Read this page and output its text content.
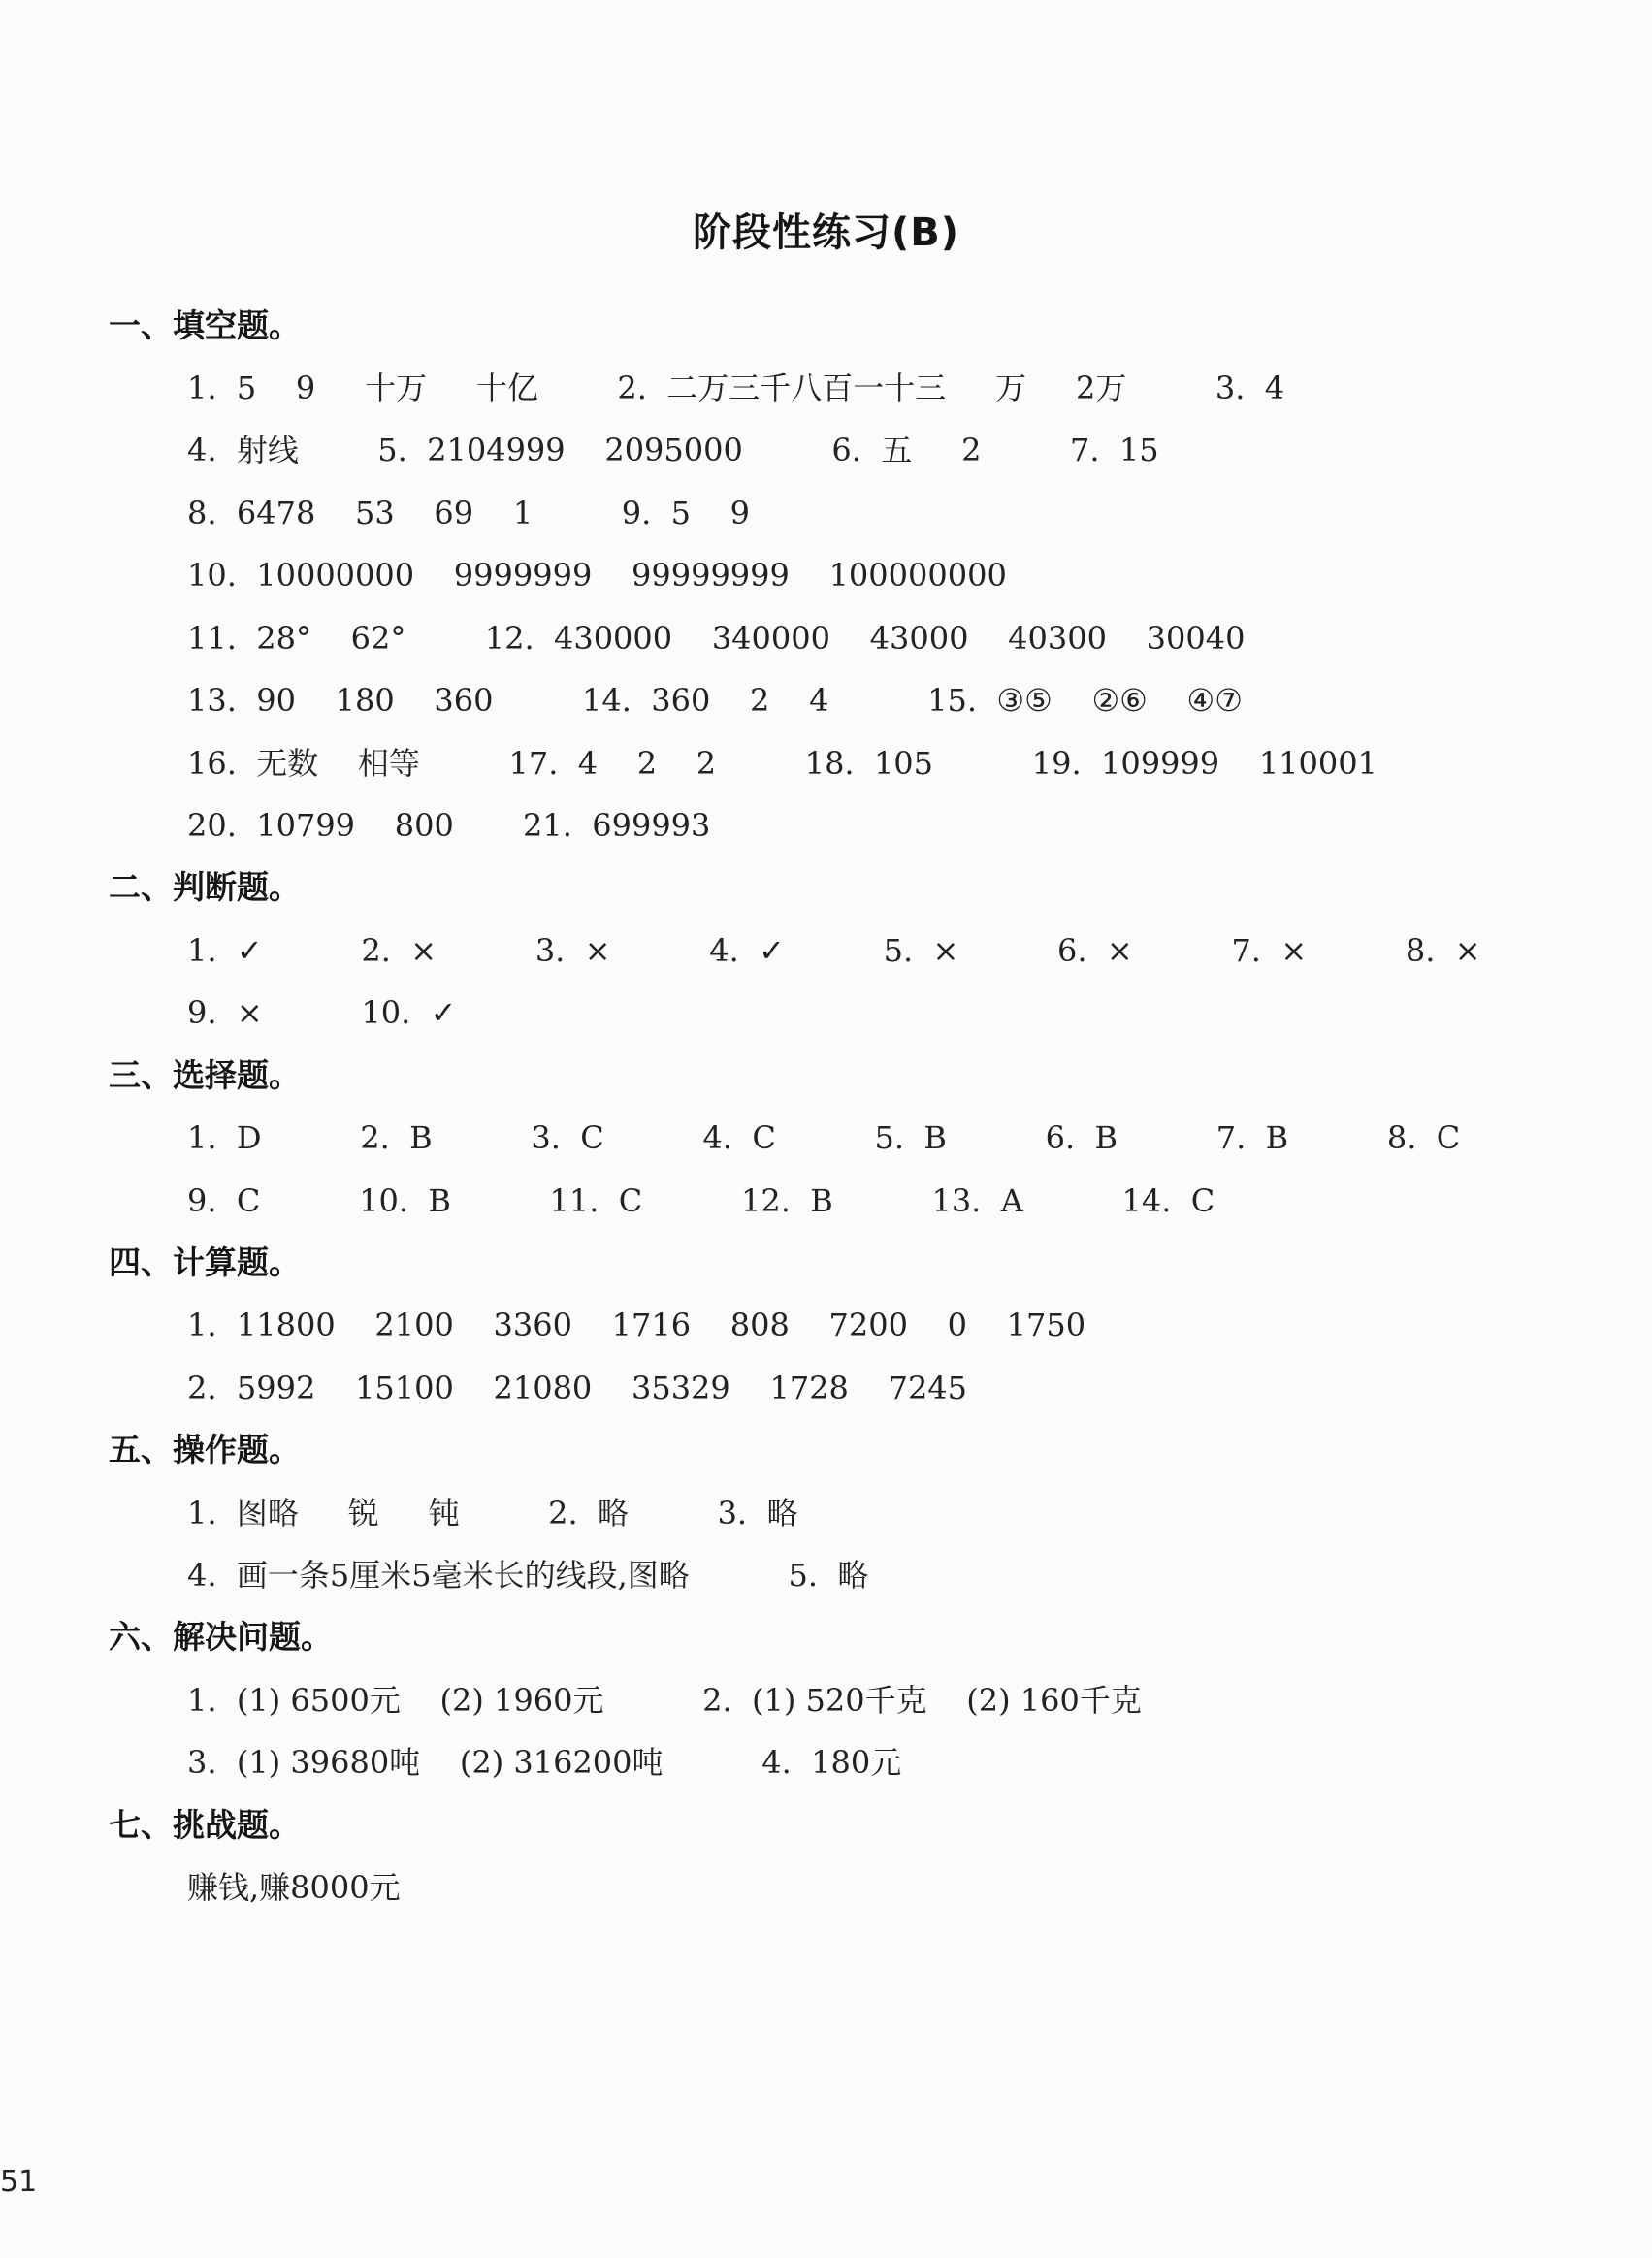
阶段性练习(B)
一、填空题。
1.  5    9     十万     十亿        2.  二万三千八百一十三     万     2万         3.  4
4.  射线        5.  2104999    2095000         6.  五     2         7.  15
8.  6478    53    69    1         9.  5    9
10.  10000000    9999999    99999999    100000000
11.  28°    62°        12.  430000    340000    43000    40300    30040
13.  90    180    360         14.  360    2    4          15.  ③⑤    ②⑥    ④⑦
16.  无数    相等         17.  4    2    2         18.  105          19.  109999    110001
20.  10799    800       21.  699993
二、判断题。
1.  ✓          2.  ×          3.  ×          4.  ✓          5.  ×          6.  ×          7.  ×          8.  ×
9.  ×          10.  ✓
三、选择题。
1.  D          2.  B          3.  C          4.  C          5.  B          6.  B          7.  B          8.  C
9.  C          10.  B          11.  C          12.  B          13.  A          14.  C
四、计算题。
1.  11800    2100    3360    1716    808    7200    0    1750
2.  5992    15100    21080    35329    1728    7245
五、操作题。
1.  图略     锐     钝         2.  略         3.  略
4.  画一条5厘米5毫米长的线段,图略          5.  略
六、解决问题。
1.  (1) 6500元    (2) 1960元          2.  (1) 520千克    (2) 160千克
3.  (1) 39680吨    (2) 316200吨          4.  180元
七、挑战题。
赚钱,赚8000元
51
